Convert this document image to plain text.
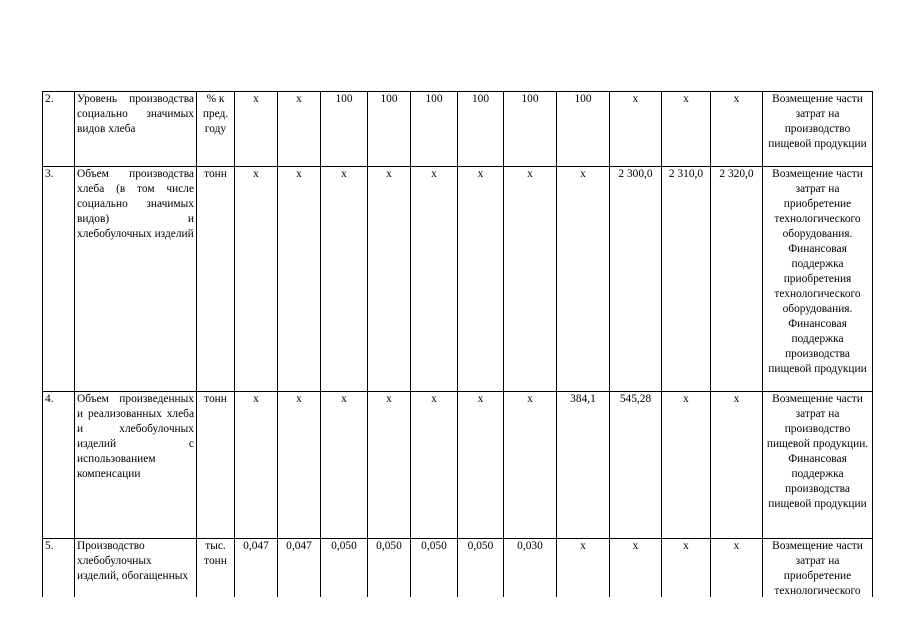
2.	Уровень производства социально значимых видов хлеба	% к пред. году	х	х	100	100	100	100	100	100	х	х	х	Возмещение части затрат на производство пищевой продукции
3.	Объем производства хлеба (в том числе социально значимых видов) и хлебобулочных изделий	тонн	х	х	х	х	х	х	х	х	2 300,0	2 310,0	2 320,0	Возмещение части затрат на приобретение технологического оборудования. Финансовая поддержка приобретения технологического оборудования. Финансовая поддержка производства пищевой продукции
4.	Объем произведенных и реализованных хлеба и хлебобулочных изделий с использованием компенсации	тонн	х	х	х	х	х	х	х	384,1	545,28	х	х	Возмещение части затрат на производство пищевой продукции. Финансовая поддержка производства пищевой продукции
5.	Производство хлебобулочных изделий, обогащенных	тыс. тонн	0,047	0,047	0,050	0,050	0,050	0,050	0,030	х	х	х	х	Возмещение части затрат на приобретение технологического
